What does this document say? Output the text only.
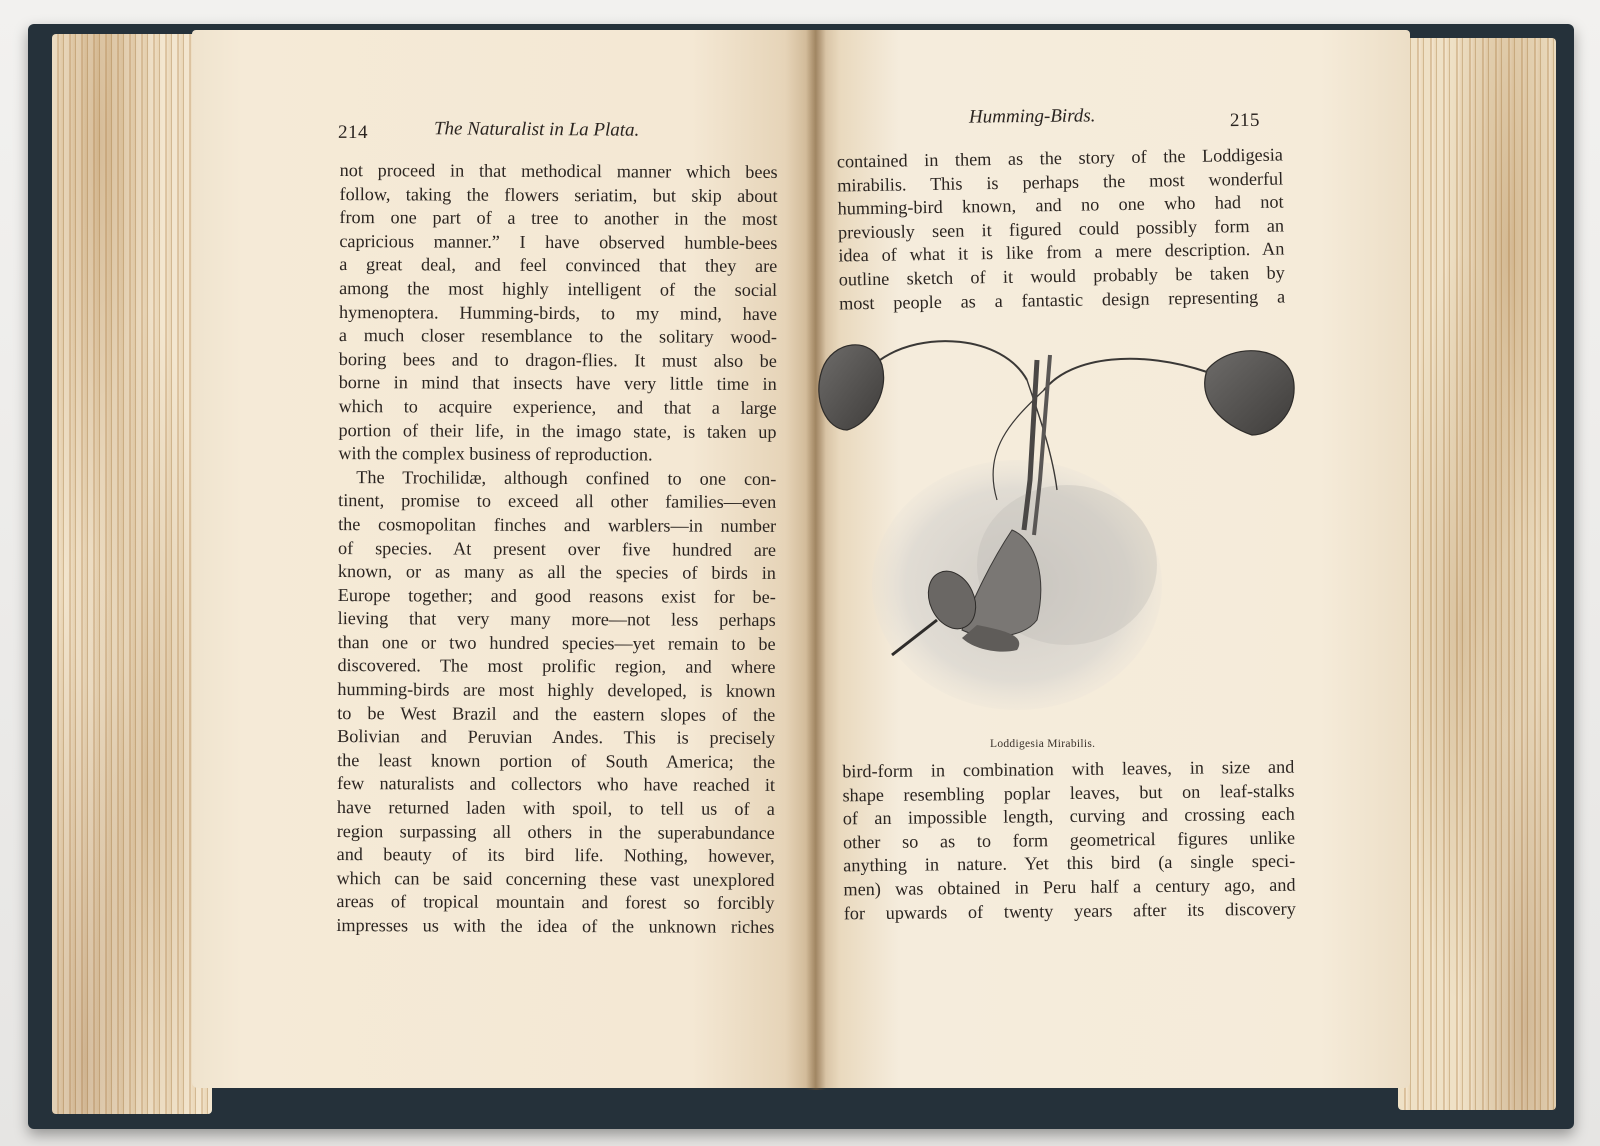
214	The Naturalist in La Plata.
Humming-Birds.	215
not proceed in that methodical manner which bees
follow, taking the flowers seriatim, but skip about
from one part of a tree to another in the most
capricious manner.” I have observed humble-bees
a great deal, and feel convinced that they are
among the most highly intelligent of the social
hymenoptera. Humming-birds, to my mind, have
a much closer resemblance to the solitary wood-
boring bees and to dragon-flies. It must also be
borne in mind that insects have very little time in
which to acquire experience, and that a large
portion of their life, in the imago state, is taken up
with the complex business of reproduction.
The Trochilidæ, although confined to one con-
tinent, promise to exceed all other families—even
the cosmopolitan finches and warblers—in number
of species. At present over five hundred are
known, or as many as all the species of birds in
Europe together; and good reasons exist for be-
lieving that very many more—not less perhaps
than one or two hundred species—yet remain to be
discovered. The most prolific region, and where
humming-birds are most highly developed, is known
to be West Brazil and the eastern slopes of the
Bolivian and Peruvian Andes. This is precisely
the least known portion of South America; the
few naturalists and collectors who have reached it
have returned laden with spoil, to tell us of a
region surpassing all others in the superabundance
and beauty of its bird life. Nothing, however,
which can be said concerning these vast unexplored
areas of tropical mountain and forest so forcibly
impresses us with the idea of the unknown riches
contained in them as the story of the Loddigesia
mirabilis. This is perhaps the most wonderful
humming-bird known, and no one who had not
previously seen it figured could possibly form an
idea of what it is like from a mere description. An
outline sketch of it would probably be taken by
most people as a fantastic design representing a
Loddigesia Mirabilis.
bird-form in combination with leaves, in size and
shape resembling poplar leaves, but on leaf-stalks
of an impossible length, curving and crossing each
other so as to form geometrical figures unlike
anything in nature. Yet this bird (a single speci-
men) was obtained in Peru half a century ago, and
for upwards of twenty years after its discovery
